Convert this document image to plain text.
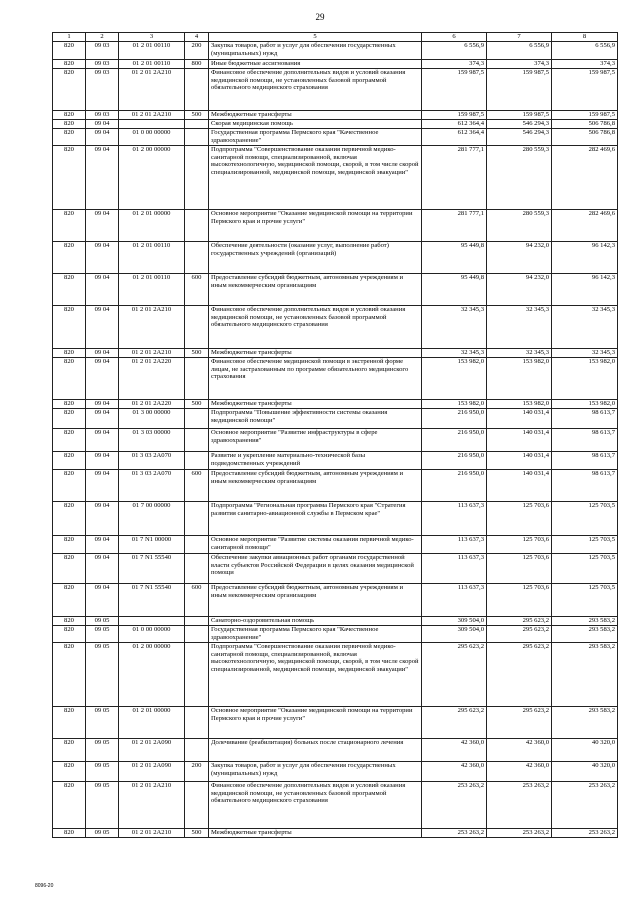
29
1	2	3	4	5	6	7	8
820	09 03	01 2 01 00110	200	Закупка товаров, работ и услуг для обеспечения государственных (муниципальных) нужд	6 556,9	6 556,9	6 556,9
820	09 03	01 2 01 00110	800	Иные бюджетные ассигнования	374,3	374,3	374,3
820	09 03	01 2 01 2А210		Финансовое обеспечение дополнительных видов и условий оказания медицинской помощи, не установленных базовой программой обязательного медицинского страхования	159 987,5	159 987,5	159 987,5
820	09 03	01 2 01 2А210	500	Межбюджетные трансферты	159 987,5	159 987,5	159 987,5
820	09 04			Скорая медицинская помощь	612 364,4	546 294,3	506 786,8
820	09 04	01 0 00 00000		Государственная программа Пермского края "Качественное здравоохранение"	612 364,4	546 294,3	506 786,8
820	09 04	01 2 00 00000		Подпрограмма "Совершенствование оказания первичной медико-санитарной помощи, специализированной, включая высокотехнологичную, медицинской помощи, скорой, в том числе скорой специализированной, медицинской помощи, медицинской эвакуации"	281 777,1	280 559,3	282 469,6
820	09 04	01 2 01 00000		Основное мероприятие "Оказание медицинской помощи на территории Пермского края и прочие услуги"	281 777,1	280 559,3	282 469,6
820	09 04	01 2 01 00110		Обеспечение деятельности (оказание услуг, выполнение работ) государственных учреждений (организаций)	95 449,8	94 232,0	96 142,3
820	09 04	01 2 01 00110	600	Предоставление субсидий бюджетным, автономным учреждениям и иным некоммерческим организациям	95 449,8	94 232,0	96 142,3
820	09 04	01 2 01 2А210		Финансовое обеспечение дополнительных видов и условий оказания медицинской помощи, не установленных базовой программой обязательного медицинского страхования	32 345,3	32 345,3	32 345,3
820	09 04	01 2 01 2А210	500	Межбюджетные трансферты	32 345,3	32 345,3	32 345,3
820	09 04	01 2 01 2А220		Финансовое обеспечение медицинской помощи в экстренной форме лицам, не застрахованным по программе обязательного медицинского страхования	153 982,0	153 982,0	153 982,0
820	09 04	01 2 01 2А220	500	Межбюджетные трансферты	153 982,0	153 982,0	153 982,0
820	09 04	01 3 00 00000		Подпрограмма "Повышение эффективности системы оказания медицинской помощи"	216 950,0	140 031,4	98 613,7
820	09 04	01 3 03 00000		Основное мероприятие "Развитие инфраструктуры в сфере здравоохранения"	216 950,0	140 031,4	98 613,7
820	09 04	01 3 03 2А070		Развитие и укрепление материально-технической базы подведомственных учреждений	216 950,0	140 031,4	98 613,7
820	09 04	01 3 03 2А070	600	Предоставление субсидий бюджетным, автономным учреждениям и иным некоммерческим организациям	216 950,0	140 031,4	98 613,7
820	09 04	01 7 00 00000		Подпрограмма "Региональная программа Пермского края "Стратегия развития санитарно-авиационной службы в Пермском крае"	113 637,3	125 703,6	125 703,5
820	09 04	01 7 N1 00000		Основное мероприятие "Развитие системы оказания первичной медико-санитарной помощи"	113 637,3	125 703,6	125 703,5
820	09 04	01 7 N1 55540		Обеспечение закупки авиационных работ органами государственной власти субъектов Российской Федерации в целях оказания медицинской помощи	113 637,3	125 703,6	125 703,5
820	09 04	01 7 N1 55540	600	Предоставление субсидий бюджетным, автономным учреждениям и иным некоммерческим организациям	113 637,3	125 703,6	125 703,5
820	09 05			Санаторно-оздоровительная помощь	309 504,0	295 623,2	293 583,2
820	09 05	01 0 00 00000		Государственная программа Пермского края "Качественное здравоохранение"	309 504,0	295 623,2	293 583,2
820	09 05	01 2 00 00000		Подпрограмма "Совершенствование оказания первичной медико-санитарной помощи, специализированной, включая высокотехнологичную, медицинской помощи, скорой, в том числе скорой специализированной, медицинской помощи, медицинской эвакуации"	295 623,2	295 623,2	293 583,2
820	09 05	01 2 01 00000		Основное мероприятие "Оказание медицинской помощи на территории Пермского края и прочие услуги"	295 623,2	295 623,2	293 583,2
820	09 05	01 2 01 2А090		Долечивание (реабилитация) больных после стационарного лечения	42 360,0	42 360,0	40 320,0
820	09 05	01 2 01 2А090	200	Закупка товаров, работ и услуг для обеспечения государственных (муниципальных) нужд	42 360,0	42 360,0	40 320,0
820	09 05	01 2 01 2А210		Финансовое обеспечение дополнительных видов и условий оказания медицинской помощи, не установленных базовой программой обязательного медицинского страхования	253 263,2	253 263,2	253 263,2
820	09 05	01 2 01 2А210	500	Межбюджетные трансферты	253 263,2	253 263,2	253 263,2
8096-20
